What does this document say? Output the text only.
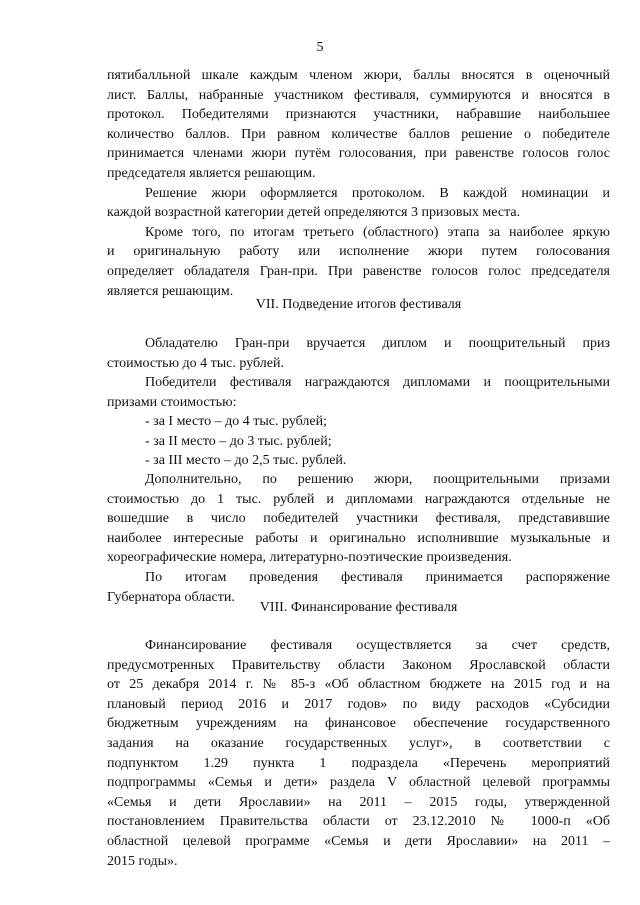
5
пятибалльной шкале каждым членом жюри, баллы вносятся в оценочный
лист. Баллы, набранные участником фестиваля, суммируются и вносятся в
протокол. Победителями признаются участники, набравшие наибольшее
количество баллов. При равном количестве баллов решение о победителе
принимается членами жюри путём голосования, при равенстве голосов голос
председателя является решающим.
Решение жюри оформляется протоколом. В каждой номинации и
каждой возрастной категории детей определяются 3 призовых места.
Кроме того, по итогам третьего (областного) этапа за наиболее яркую
и оригинальную работу или исполнение жюри путем голосования
определяет обладателя Гран-при. При равенстве голосов голос председателя
является решающим.
VII. Подведение итогов фестиваля
Обладателю Гран-при вручается диплом и поощрительный приз
стоимостью до 4 тыс. рублей.
Победители фестиваля награждаются дипломами и поощрительными
призами стоимостью:
- за I место – до 4 тыс. рублей;
- за II место – до 3 тыс. рублей;
- за III место – до 2,5 тыс. рублей.
Дополнительно, по решению жюри, поощрительными призами
стоимостью до 1 тыс. рублей и дипломами награждаются отдельные не
вошедшие в число победителей участники фестиваля, представившие
наиболее интересные работы и оригинально исполнившие музыкальные и
хореографические номера, литературно-поэтические произведения.
По итогам проведения фестиваля принимается распоряжение
Губернатора области.
VIII. Финансирование фестиваля
Финансирование фестиваля осуществляется за счет средств,
предусмотренных Правительству области Законом Ярославской области
от 25 декабря 2014 г. № 85-з «Об областном бюджете на 2015 год и на
плановый период 2016 и 2017 годов» по виду расходов «Субсидии
бюджетным учреждениям на финансовое обеспечение государственного
задания на оказание государственных услуг», в соответствии с
подпунктом 1.29 пункта 1 подраздела «Перечень мероприятий
подпрограммы «Семья и дети» раздела V областной целевой программы
«Семья и дети Ярославии» на 2011 – 2015 годы, утвержденной
постановлением Правительства области от 23.12.2010 № 1000-п «Об
областной целевой программе «Семья и дети Ярославии» на 2011 –
2015 годы».
